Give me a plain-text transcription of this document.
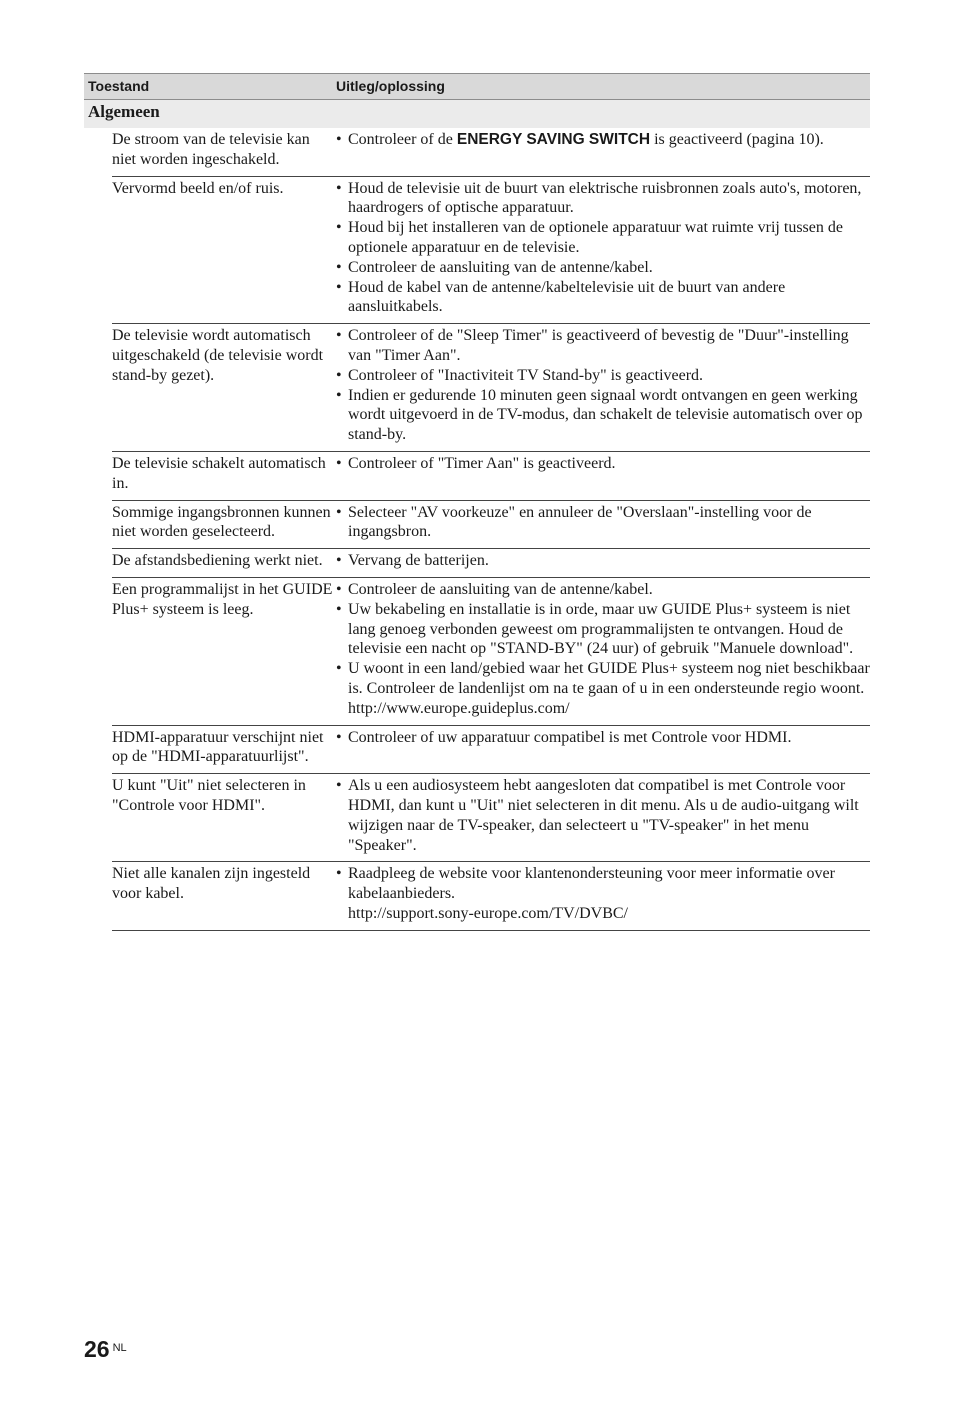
Toestand	Uitleg/oplossing
Algemeen
De stroom van de televisie kan niet worden ingeschakeld.
• Controleer of de ENERGY SAVING SWITCH is geactiveerd (pagina 10).
Vervormd beeld en/of ruis.	• Houd de televisie uit de buurt van elektrische ruisbronnen zoals auto's, motoren, haardrogers of optische apparatuur.
• Houd bij het installeren van de optionele apparatuur wat ruimte vrij tussen de optionele apparatuur en de televisie.
• Controleer de aansluiting van de antenne/kabel.
• Houd de kabel van de antenne/kabeltelevisie uit de buurt van andere aansluitkabels.
De televisie wordt automatisch uitgeschakeld (de televisie wordt stand-by gezet).
• Controleer of de "Sleep Timer" is geactiveerd of bevestig de "Duur"-instelling van "Timer Aan".
• Controleer of "Inactiviteit TV Stand-by" is geactiveerd.
• Indien er gedurende 10 minuten geen signaal wordt ontvangen en geen werking wordt uitgevoerd in de TV-modus, dan schakelt de televisie automatisch over op stand-by.
De televisie schakelt automatisch in.
• Controleer of "Timer Aan" is geactiveerd.
Sommige ingangsbronnen kunnen niet worden geselecteerd.
• Selecteer "AV voorkeuze" en annuleer de "Overslaan"-instelling voor de ingangsbron.
De afstandsbediening werkt niet. • Vervang de batterijen.
Een programmalijst in het GUIDE Plus+ systeem is leeg.
• Controleer de aansluiting van de antenne/kabel.
• Uw bekabeling en installatie is in orde, maar uw GUIDE Plus+ systeem is niet lang genoeg verbonden geweest om programmalijsten te ontvangen. Houd de televisie een nacht op "STAND-BY" (24 uur) of gebruik "Manuele download".
• U woont in een land/gebied waar het GUIDE Plus+ systeem nog niet beschikbaar is. Controleer de landenlijst om na te gaan of u in een ondersteunde regio woont.
http://www.europe.guideplus.com/
HDMI-apparatuur verschijnt niet op de "HDMI-apparatuurlijst".
• Controleer of uw apparatuur compatibel is met Controle voor HDMI.
U kunt "Uit" niet selecteren in "Controle voor HDMI".
• Als u een audiosysteem hebt aangesloten dat compatibel is met Controle voor HDMI, dan kunt u "Uit" niet selecteren in dit menu. Als u de audio-uitgang wilt wijzigen naar de TV-speaker, dan selecteert u "TV-speaker" in het menu "Speaker".
Niet alle kanalen zijn ingesteld voor kabel.
• Raadpleeg de website voor klantenondersteuning voor meer informatie over kabelaanbieders.
http://support.sony-europe.com/TV/DVBC/
26 $^{NL}$
